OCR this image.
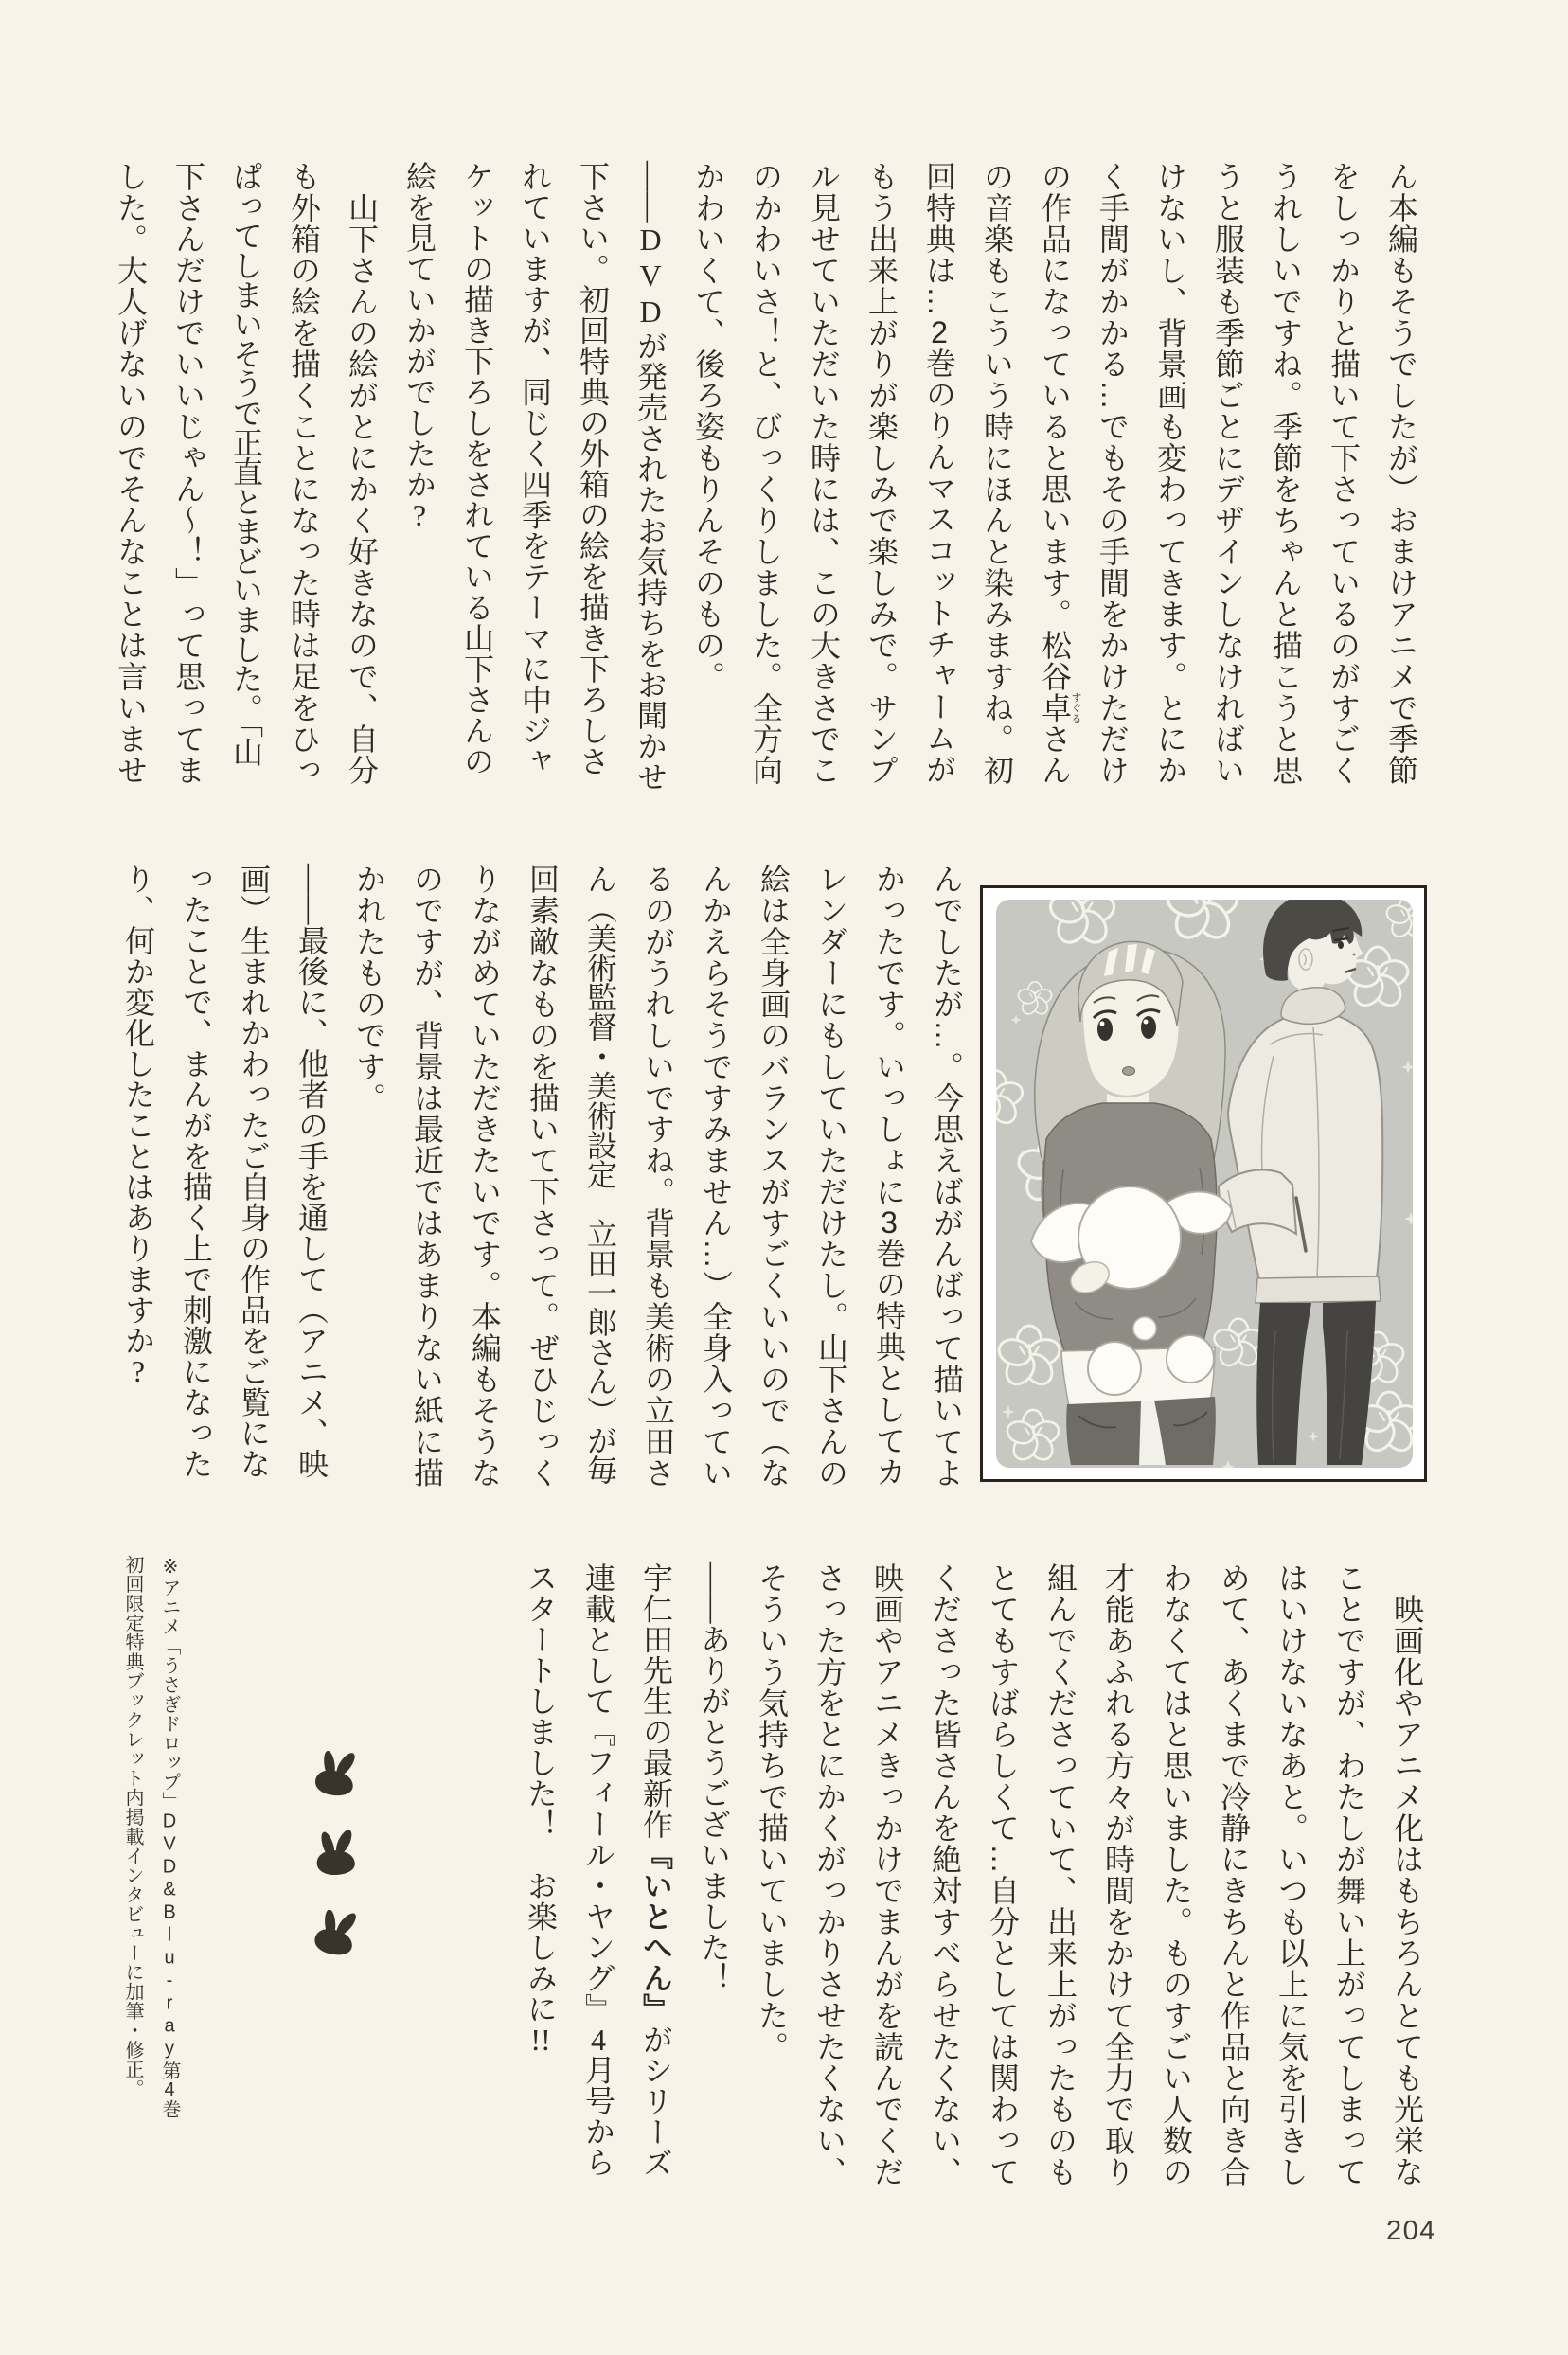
ん本編もそうでしたが）おまけアニメで季節
をしっかりと描いて下さっているのがすごく
うれしいですね。季節をちゃんと描こうと思
うと服装も季節ごとにデザインしなければい
けないし、背景画も変わってきます。とにか
く手間がかかる…でもその手間をかけただけ
の作品になっていると思います。松谷卓すぐるさん
の音楽もこういう時にほんと染みますね。初
回特典は…2巻のりんマスコットチャームが
もう出来上がりが楽しみで楽しみで。サンプ
ル見せていただいた時には、この大きさでこ
のかわいさ！と、びっくりしました。全方向
かわいくて、後ろ姿もりんそのもの。
——DVDが発売されたお気持ちをお聞かせ
下さい。初回特典の外箱の絵を描き下ろしさ
れていますが、同じく四季をテーマに中ジャ
ケットの描き下ろしをされている山下さんの
絵を見ていかがでしたか?
　山下さんの絵がとにかく好きなので、自分
も外箱の絵を描くことになった時は足をひっ
ぱってしまいそうで正直とまどいました。「山
下さんだけでいいじゃん～！」って思ってま
した。大人げないのでそんなことは言いませ
んでしたが…。今思えばがんばって描いてよ
かったです。いっしょに3巻の特典としてカ
レンダーにもしていただけたし。山下さんの
絵は全身画のバランスがすごくいいので（な
んかえらそうですみません…）全身入ってい
るのがうれしいですね。背景も美術の立田さ
ん（美術監督・美術設定　立田一郎さん）が毎
回素敵なものを描いて下さって。ぜひじっく
りながめていただきたいです。本編もそうな
のですが、背景は最近ではあまりない紙に描
かれたものです。
——最後に、他者の手を通して（アニメ、映
画）生まれかわったご自身の作品をご覧にな
ったことで、まんがを描く上で刺激になった
り、何か変化したことはありますか?
　映画化やアニメ化はもちろんとても光栄な
ことですが、わたしが舞い上がってしまって
はいけないなあと。いつも以上に気を引きし
めて、あくまで冷静にきちんと作品と向き合
わなくてはと思いました。ものすごい人数の
才能あふれる方々が時間をかけて全力で取り
組んでくださっていて、出来上がったものも
とてもすばらしくて…自分としては関わって
くださった皆さんを絶対すべらせたくない、
映画やアニメきっかけでまんがを読んでくだ
さった方をとにかくがっかりさせたくない、
そういう気持ちで描いていました。
——ありがとうございました！
宇仁田先生の最新作『いとへん』がシリーズ
連載として『フィール・ヤング』4月号から
スタートしました！　お楽しみに!!
※アニメ「うさぎドロップ」DVD&Blu-ray第4巻
初回限定特典ブックレット内掲載インタビューに加筆・修正。
204
